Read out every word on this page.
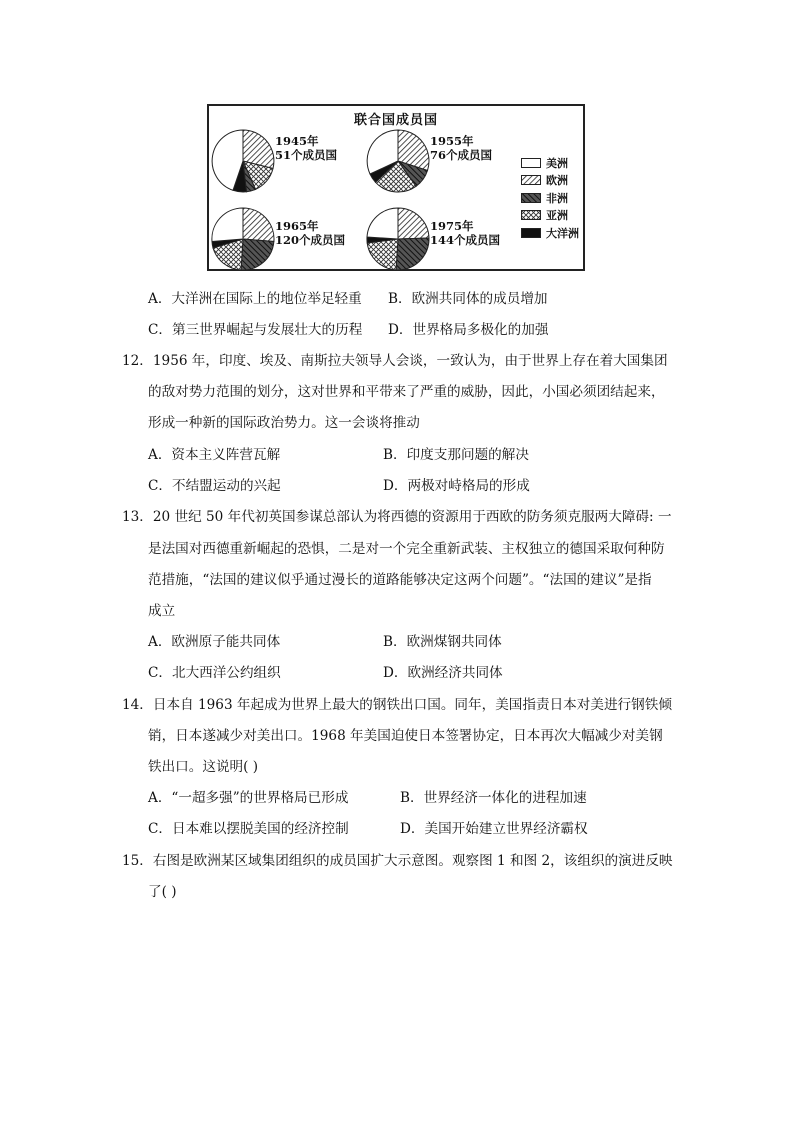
联合国成员国
1945年
51个成员国
1955年
76个成员国
1965年
120个成员国
1975年
144个成员国
美洲
欧洲
非洲
亚洲
大洋洲
A．大洋洲在国际上的地位举足轻重 B．欧洲共同体的成员增加
C．第三世界崛起与发展壮大的历程 D．世界格局多极化的加强
12．1956 年，印度、埃及、南斯拉夫领导人会谈，一致认为，由于世界上存在着大国集团
的敌对势力范围的划分，这对世界和平带来了严重的威胁，因此，小国必须团结起来，
形成一种新的国际政治势力。这一会谈将推动
A．资本主义阵营瓦解	B．印度支那问题的解决
C．不结盟运动的兴起	D．两极对峙格局的形成
13．20 世纪 50 年代初英国参谋总部认为将西德的资源用于西欧的防务须克服两大障碍: 一
是法国对西德重新崛起的恐惧，二是对一个完全重新武装、主权独立的德国采取何种防
范措施，“法国的建议似乎通过漫长的道路能够决定这两个问题”。“法国的建议”是指
成立
A．欧洲原子能共同体	B．欧洲煤钢共同体
C．北大西洋公约组织	D．欧洲经济共同体
14．日本自 1963 年起成为世界上最大的钢铁出口国。同年，美国指责日本对美进行钢铁倾
销，日本遂减少对美出口。1968 年美国迫使日本签署协定，日本再次大幅减少对美钢
铁出口。这说明( )
A．“一超多强”的世界格局已形成	B．世界经济一体化的进程加速
C．日本难以摆脱美国的经济控制	D．美国开始建立世界经济霸权
15．右图是欧洲某区域集团组织的成员国扩大示意图。观察图 1 和图 2，该组织的演进反映
了( )
